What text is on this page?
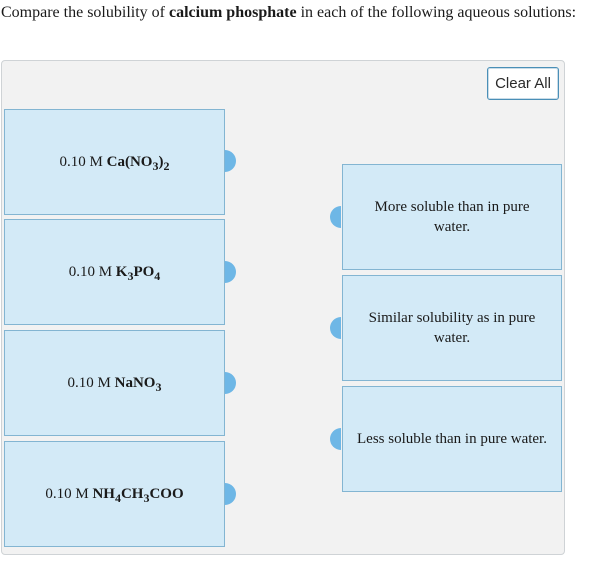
Compare the solubility of calcium phosphate in each of the following aqueous solutions:
Clear All
0.10 M $Ca(NO_3)_2$
0.10 M $K_3PO_4$
0.10 M NaNO$_3$
0.10 M $NH_4CH_3COO$
More soluble than in pure water.
Similar solubility as in pure water.
Less soluble than in pure water.
